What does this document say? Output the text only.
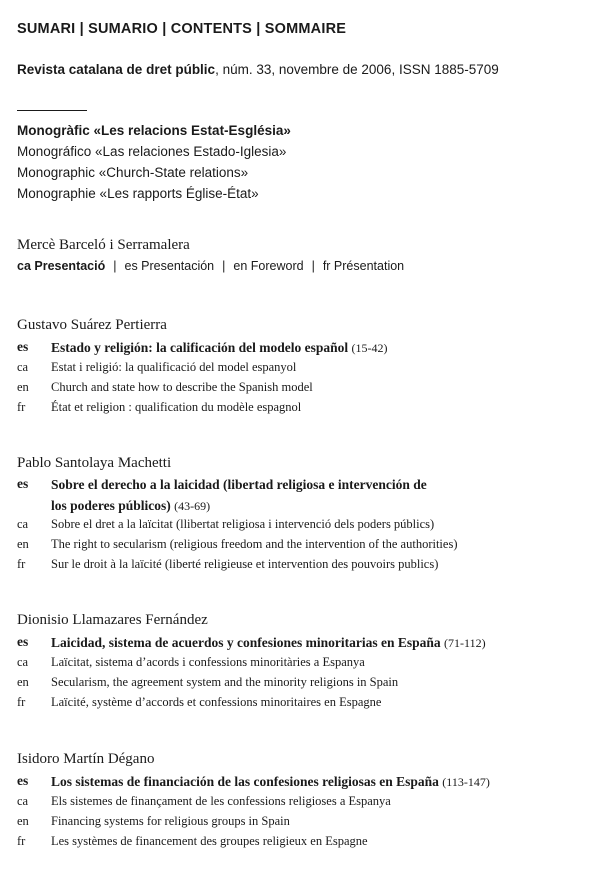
SUMARI | SUMARIO | CONTENTS | SOMMAIRE
Revista catalana de dret públic, núm. 33, novembre de 2006, ISSN 1885-5709
Monogràfic «Les relacions Estat-Església»
Monográfico «Las relaciones Estado-Iglesia»
Monographic «Church-State relations»
Monographie «Les rapports Église-État»
Mercè Barceló i Serramalera
ca Presentació | es Presentación | en Foreword | fr Présentation
Gustavo Suárez Pertierra
es	Estado y religión: la calificación del modelo español (15-42)
ca	Estat i religió: la qualificació del model espanyol
en	Church and state how to describe the Spanish model
fr	État et religion : qualification du modèle espagnol
Pablo Santolaya Machetti
es	Sobre el derecho a la laicidad (libertad religiosa e intervención de los poderes públicos) (43-69)
ca	Sobre el dret a la laïcitat (llibertat religiosa i intervenció dels poders públics)
en	The right to secularism (religious freedom and the intervention of the authorities)
fr	Sur le droit à la laïcité (liberté religieuse et intervention des pouvoirs publics)
Dionisio Llamazares Fernández
es	Laicidad, sistema de acuerdos y confesiones minoritarias en España (71-112)
ca	Laïcitat, sistema d’acords i confessions minoritàries a Espanya
en	Secularism, the agreement system and the minority religions in Spain
fr	Laïcité, système d’accords et confessions minoritaires en Espagne
Isidoro Martín Dégano
es	Los sistemas de financiación de las confesiones religiosas en España (113-147)
ca	Els sistemes de finançament de les confessions religioses a Espanya
en	Financing systems for religious groups in Spain
fr	Les systèmes de financement des groupes religieux en Espagne
